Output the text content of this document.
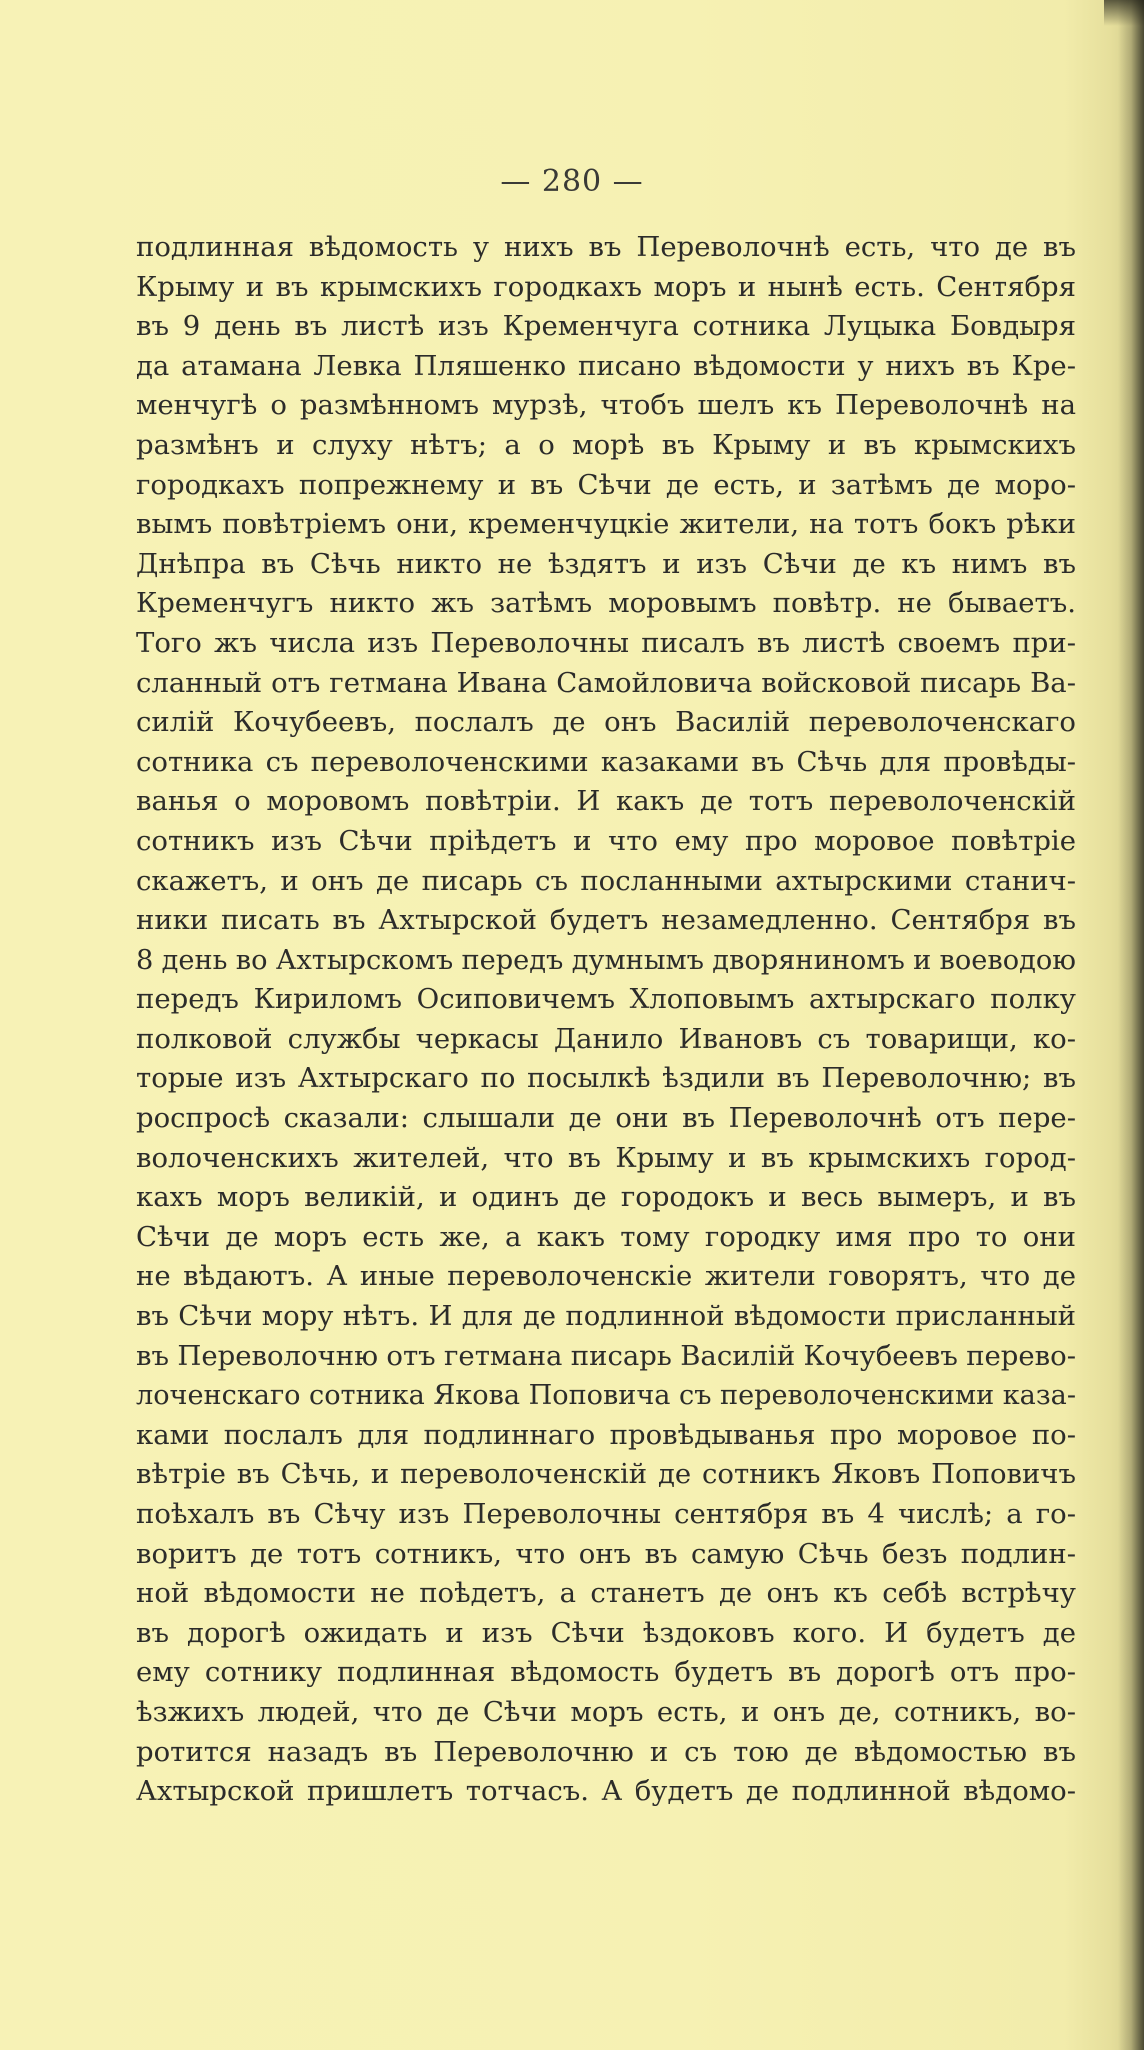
— 280 —
подлинная вѣдомость у нихъ въ Переволочнѣ есть, что де въ
Крыму и въ крымскихъ городкахъ моръ и нынѣ есть. Сентября
въ 9 день въ листѣ изъ Кременчуга сотника Луцыка Бовдыря
да атамана Левка Пляшенко писано вѣдомости у нихъ въ Кре-
менчугѣ о размѣнномъ мурзѣ, чтобъ шелъ къ Переволочнѣ на
размѣнъ и слуху нѣтъ; а о морѣ въ Крыму и въ крымскихъ
городкахъ попрежнему и въ Сѣчи де есть, и затѣмъ де моро-
вымъ повѣтріемъ они, кременчуцкіе жители, на тотъ бокъ рѣки
Днѣпра въ Сѣчь никто не ѣздятъ и изъ Сѣчи де къ нимъ въ
Кременчугъ никто жъ затѣмъ моровымъ повѣтр. не бываетъ.
Того жъ числа изъ Переволочны писалъ въ листѣ своемъ при-
сланный отъ гетмана Ивана Самойловича войсковой писарь Ва-
силій Кочубеевъ, послалъ де онъ Василій переволоченскаго
сотника съ переволоченскими казаками въ Сѣчь для провѣды-
ванья о моровомъ повѣтріи. И какъ де тотъ переволоченскій
сотникъ изъ Сѣчи пріѣдетъ и что ему про моровое повѣтріе
скажетъ, и онъ де писарь съ посланными ахтырскими станич-
ники писать въ Ахтырской будетъ незамедленно. Сентября въ
8 день во Ахтырскомъ передъ думнымъ дворяниномъ и воеводою
передъ Кириломъ Осиповичемъ Хлоповымъ ахтырскаго полку
полковой службы черкасы Данило Ивановъ съ товарищи, ко-
торые изъ Ахтырскаго по посылкѣ ѣздили въ Переволочню; въ
роспросѣ сказали: слышали де они въ Переволочнѣ отъ пере-
волоченскихъ жителей, что въ Крыму и въ крымскихъ город-
кахъ моръ великій, и одинъ де городокъ и весь вымеръ, и въ
Сѣчи де моръ есть же, а какъ тому городку имя про то они
не вѣдаютъ. А иные переволоченскіе жители говорятъ, что де
въ Сѣчи мору нѣтъ. И для де подлинной вѣдомости присланный
въ Переволочню отъ гетмана писарь Василій Кочубеевъ перево-
лоченскаго сотника Якова Поповича съ переволоченскими каза-
ками послалъ для подлиннаго провѣдыванья про моровое по-
вѣтріе въ Сѣчь, и переволоченскій де сотникъ Яковъ Поповичъ
поѣхалъ въ Сѣчу изъ Переволочны сентября въ 4 числѣ; а го-
воритъ де тотъ сотникъ, что онъ въ самую Сѣчь безъ подлин-
ной вѣдомости не поѣдетъ, а станетъ де онъ къ себѣ встрѣчу
въ дорогѣ ожидать и изъ Сѣчи ѣздоковъ кого. И будетъ де
ему сотнику подлинная вѣдомость будетъ въ дорогѣ отъ про-
ѣзжихъ людей, что де Сѣчи моръ есть, и онъ де, сотникъ, во-
ротится назадъ въ Переволочню и съ тою де вѣдомостью въ
Ахтырской пришлетъ тотчасъ. А будетъ де подлинной вѣдомо-
